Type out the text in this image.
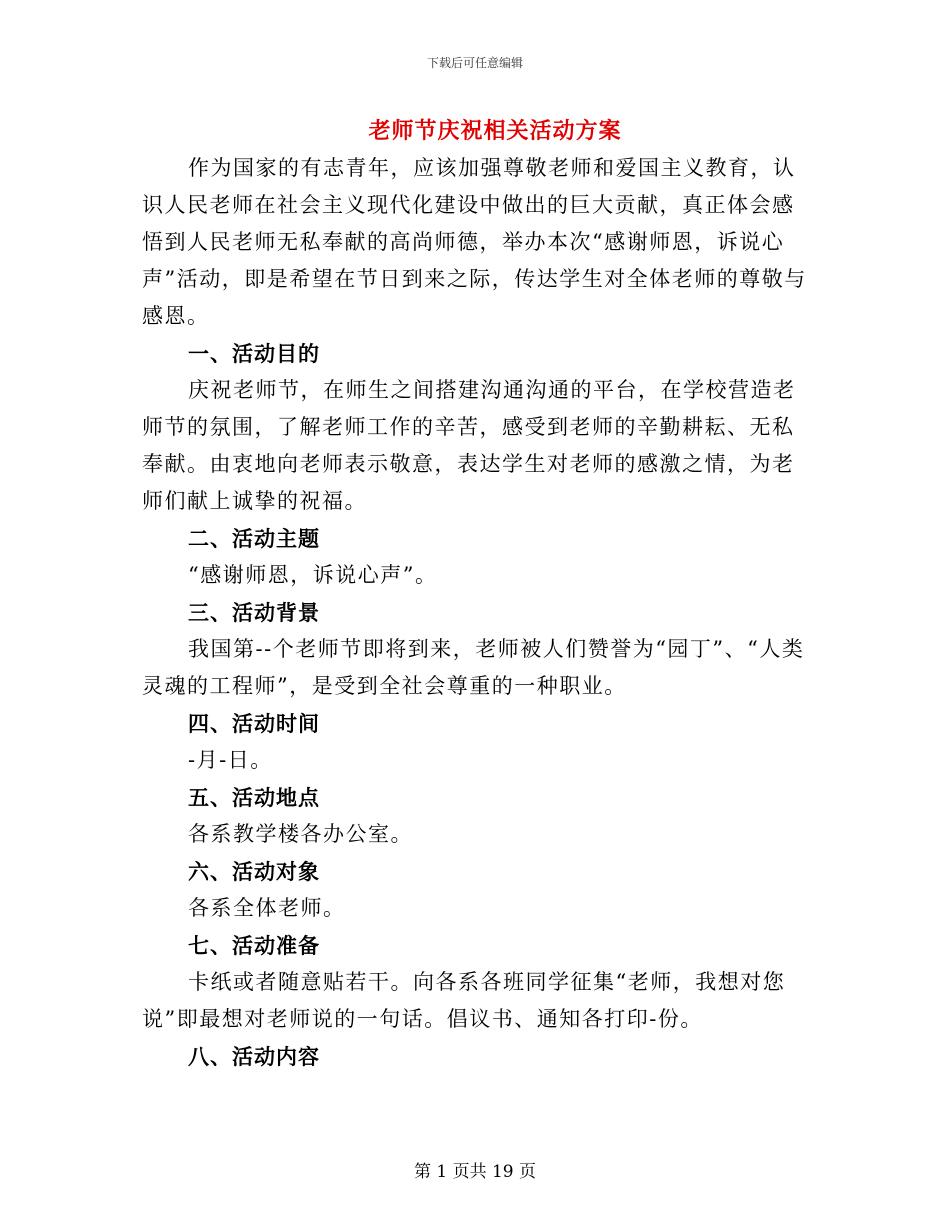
下载后可任意编辑
老师节庆祝相关活动方案

作为国家的有志青年，应该加强尊敬老师和爱国主义教育，认识人民老师在社会主义现代化建设中做出的巨大贡献，真正体会感悟到人民老师无私奉献的高尚师德，举办本次“感谢师恩，诉说心声”活动，即是希望在节日到来之际，传达学生对全体老师的尊敬与感恩。

一、活动目的

庆祝老师节，在师生之间搭建沟通沟通的平台，在学校营造老师节的氛围，了解老师工作的辛苦，感受到老师的辛勤耕耘、无私奉献。由衷地向老师表示敬意，表达学生对老师的感激之情，为老师们献上诚挚的祝福。

二、活动主题

“感谢师恩，诉说心声”。

三、活动背景

我国第--个老师节即将到来，老师被人们赞誉为“园丁”、“人类灵魂的工程师”，是受到全社会尊重的一种职业。

四、活动时间

-月-日。

五、活动地点

各系教学楼各办公室。

六、活动对象

各系全体老师。

七、活动准备

卡纸或者随意贴若干。向各系各班同学征集“老师，我想对您说”即最想对老师说的一句话。倡议书、通知各打印-份。

八、活动内容

第 1 页共 19 页
